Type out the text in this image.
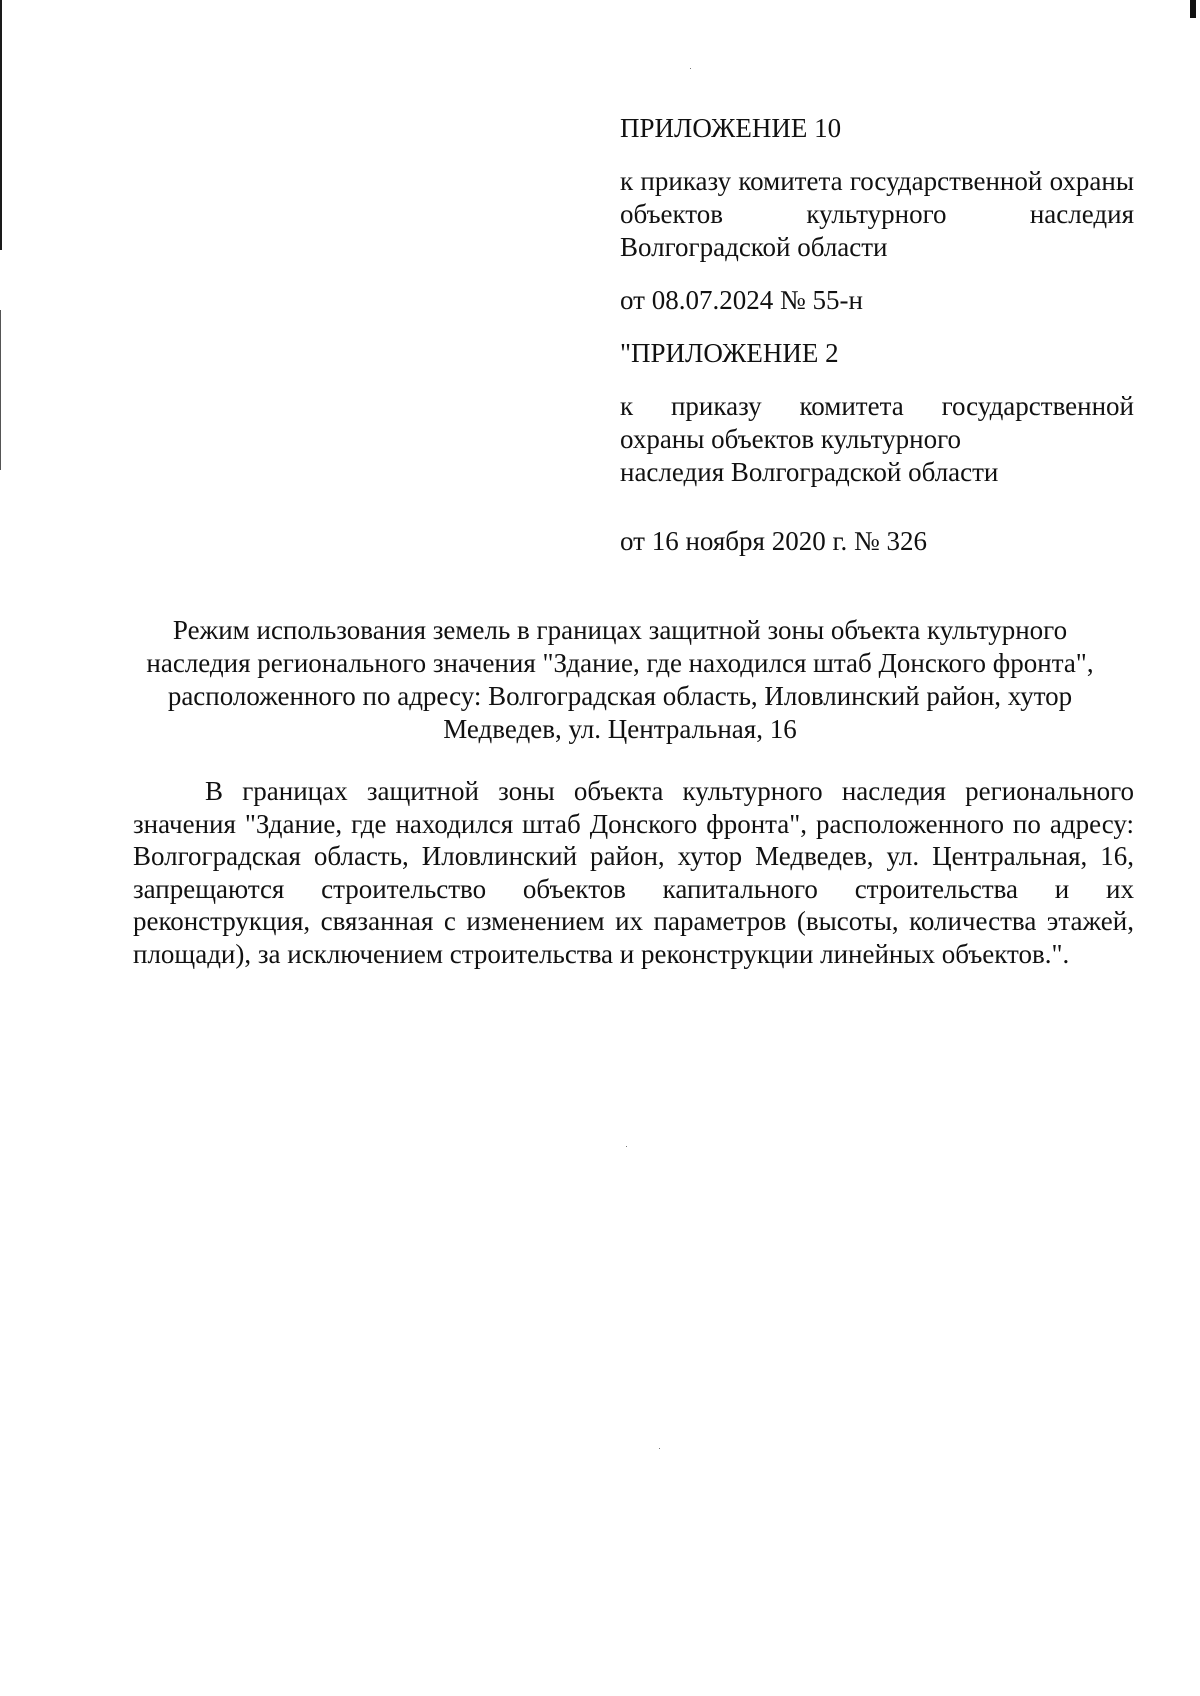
ПРИЛОЖЕНИЕ 10

к приказу комитета государственной охраны объектов культурного наследия Волгоградской области

от 08.07.2024 № 55-н

"ПРИЛОЖЕНИЕ 2

к приказу комитета государственной

охраны объектов культурного

наследия Волгоградской области

от 16 ноября 2020 г. № 326

Режим использования земель в границах защитной зоны объекта культурного наследия регионального значения "Здание, где находился штаб Донского фронта", расположенного по адресу: Волгоградская область, Иловлинский район, хутор Медведев, ул. Центральная, 16

В границах защитной зоны объекта культурного наследия регионального значения "Здание, где находился штаб Донского фронта", расположенного по адресу: Волгоградская область, Иловлинский район, хутор Медведев, ул. Центральная, 16, запрещаются строительство объектов капитального строительства и их реконструкция, связанная с изменением их параметров (высоты, количества этажей, площади), за исключением строительства и реконструкции линейных объектов.".
